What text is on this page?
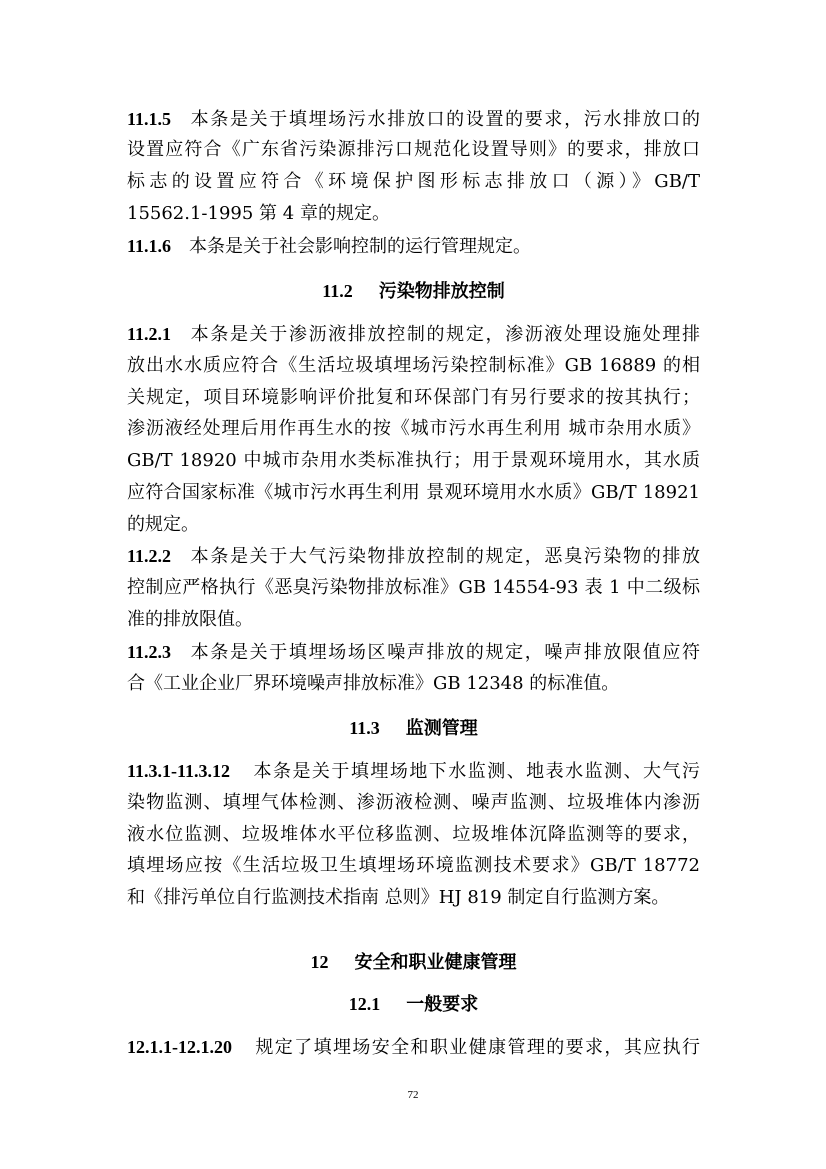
11.1.5 本条是关于填埋场污水排放口的设置的要求，污水排放口的
设置应符合《广东省污染源排污口规范化设置导则》的要求，排放口
标志的设置应符合《环境保护图形标志排放口（源）》GB/T
15562.1-1995 第 4 章的规定。
11.1.6 本条是关于社会影响控制的运行管理规定。
11.2 污染物排放控制
11.2.1 本条是关于渗沥液排放控制的规定，渗沥液处理设施处理排
放出水水质应符合《生活垃圾填埋场污染控制标准》GB 16889 的相
关规定，项目环境影响评价批复和环保部门有另行要求的按其执行；
渗沥液经处理后用作再生水的按《城市污水再生利用 城市杂用水质》
GB/T 18920 中城市杂用水类标准执行；用于景观环境用水，其水质
应符合国家标准《城市污水再生利用 景观环境用水水质》GB/T 18921
的规定。
11.2.2 本条是关于大气污染物排放控制的规定，恶臭污染物的排放
控制应严格执行《恶臭污染物排放标准》GB 14554-93 表 1 中二级标
准的排放限值。
11.2.3 本条是关于填埋场场区噪声排放的规定，噪声排放限值应符
合《工业企业厂界环境噪声排放标准》GB 12348 的标准值。
11.3 监测管理
11.3.1-11.3.12 本条是关于填埋场地下水监测、地表水监测、大气污
染物监测、填埋气体检测、渗沥液检测、噪声监测、垃圾堆体内渗沥
液水位监测、垃圾堆体水平位移监测、垃圾堆体沉降监测等的要求，
填埋场应按《生活垃圾卫生填埋场环境监测技术要求》GB/T 18772
和《排污单位自行监测技术指南 总则》HJ 819 制定自行监测方案。
12 安全和职业健康管理
12.1 一般要求
12.1.1-12.1.20 规定了填埋场安全和职业健康管理的要求，其应执行
72
